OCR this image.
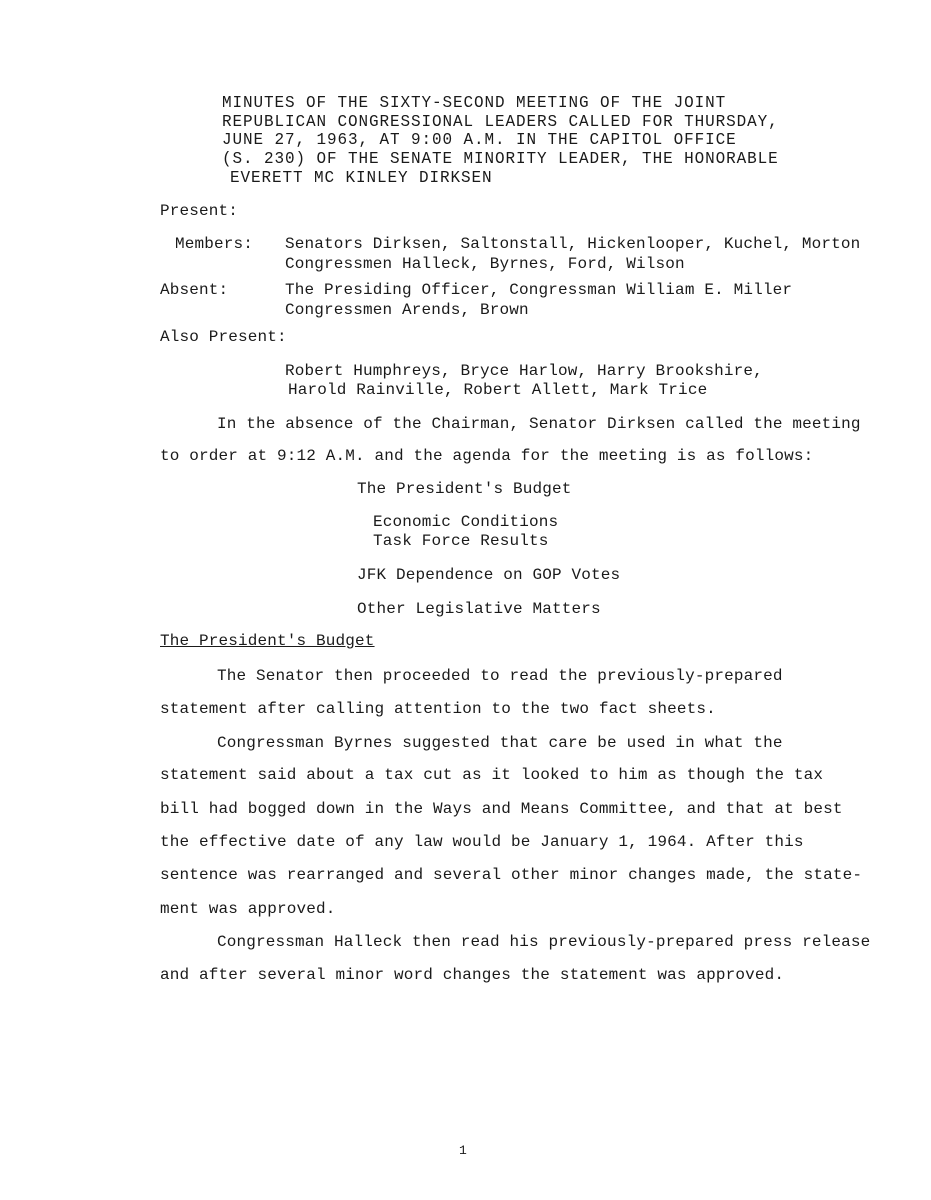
MINUTES OF THE SIXTY-SECOND MEETING OF THE JOINT
REPUBLICAN CONGRESSIONAL LEADERS CALLED FOR THURSDAY,
JUNE 27, 1963, AT 9:00 A.M. IN THE CAPITOL OFFICE
(S. 230) OF THE SENATE MINORITY LEADER, THE HONORABLE
EVERETT MC KINLEY DIRKSEN
Present:
Members: Senators Dirksen, Saltonstall, Hickenlooper, Kuchel, Morton
Congressmen Halleck, Byrnes, Ford, Wilson
Absent:	The Presiding Officer, Congressman William E. Miller
Congressmen Arends, Brown
Also Present:
Robert Humphreys, Bryce Harlow, Harry Brookshire,
Harold Rainville, Robert Allett, Mark Trice
In the absence of the Chairman, Senator Dirksen called the meeting
to order at 9:12 A.M. and the agenda for the meeting is as follows:
The President's Budget
Economic Conditions
Task Force Results
JFK Dependence on GOP Votes
Other Legislative Matters
The President's Budget
The Senator then proceeded to read the previously-prepared
statement after calling attention to the two fact sheets.
Congressman Byrnes suggested that care be used in what the
statement said about a tax cut as it looked to him as though the tax
bill had bogged down in the Ways and Means Committee, and that at best
the effective date of any law would be January 1, 1964. After this
sentence was rearranged and several other minor changes made, the state-
ment was approved.
Congressman Halleck then read his previously-prepared press release
and after several minor word changes the statement was approved.
1
